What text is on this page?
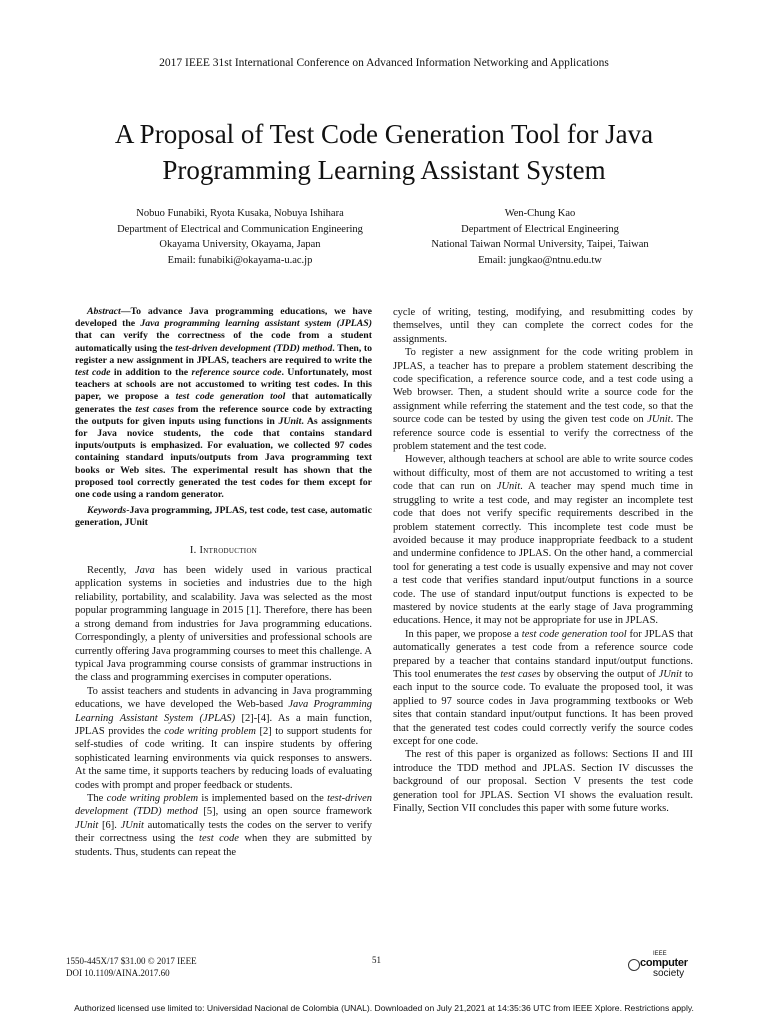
2017 IEEE 31st International Conference on Advanced Information Networking and Applications
A Proposal of Test Code Generation Tool for Java
Programming Learning Assistant System
Nobuo Funabiki, Ryota Kusaka, Nobuya Ishihara
Department of Electrical and Communication Engineering
Okayama University, Okayama, Japan
Email: funabiki@okayama-u.ac.jp
Wen-Chung Kao
Department of Electrical Engineering
National Taiwan Normal University, Taipei, Taiwan
Email: jungkao@ntnu.edu.tw

Abstract—To advance Java programming educations, we have developed the Java programming learning assistant system (JPLAS) that can verify the correctness of the code from a student automatically using the test-driven development (TDD) method. Then, to register a new assignment in JPLAS, teachers are required to write the test code in addition to the reference source code. Unfortunately, most teachers at schools are not accustomed to writing test codes. In this paper, we propose a test code generation tool that automatically generates the test cases from the reference source code by extracting the outputs for given inputs using functions in JUnit. As assignments for Java novice students, the code that contains standard inputs/outputs is emphasized. For evaluation, we collected 97 codes containing standard inputs/outputs from Java programming text books or Web sites. The experimental result has shown that the proposed tool correctly generated the test codes for them except for one code using a random generator.

Keywords-Java programming, JPLAS, test code, test case, automatic generation, JUnit

I. Introduction

Recently, Java has been widely used in various practical application systems in societies and industries due to the high reliability, portability, and scalability. Java was selected as the most popular programming language in 2015 [1]. Therefore, there has been a strong demand from industries for Java programming educations. Correspondingly, a plenty of universities and professional schools are currently offering Java programming courses to meet this challenge. A typical Java programming course consists of grammar instructions in the class and programming exercises in computer operations.

To assist teachers and students in advancing in Java programming educations, we have developed the Web-based Java Programming Learning Assistant System (JPLAS) [2]-[4]. As a main function, JPLAS provides the code writing problem [2] to support students for self-studies of code writing. It can inspire students by offering sophisticated learning environments via quick responses to answers. At the same time, it supports teachers by reducing loads of evaluating codes with prompt and proper feedback or students.

The code writing problem is implemented based on the test-driven development (TDD) method [5], using an open source framework JUnit [6]. JUnit automatically tests the codes on the server to verify their correctness using the test code when they are submitted by students. Thus, students can repeat the

cycle of writing, testing, modifying, and resubmitting codes by themselves, until they can complete the correct codes for the assignments.

To register a new assignment for the code writing problem in JPLAS, a teacher has to prepare a problem statement describing the code specification, a reference source code, and a test code using a Web browser. Then, a student should write a source code for the assignment while referring the statement and the test code, so that the source code can be tested by using the given test code on JUnit. The reference source code is essential to verify the correctness of the problem statement and the test code.

However, although teachers at school are able to write source codes without difficulty, most of them are not accustomed to writing a test code that can run on JUnit. A teacher may spend much time in struggling to write a test code, and may register an incomplete test code that does not verify specific requirements described in the problem statement correctly. This incomplete test code must be avoided because it may produce inappropriate feedback to a student and undermine confidence to JPLAS. On the other hand, a commercial tool for generating a test code is usually expensive and may not cover a test code that verifies standard input/output functions in a source code. The use of standard input/output functions is expected to be mastered by novice students at the early stage of Java programming educations. Hence, it may not be appropriate for use in JPLAS.

In this paper, we propose a test code generation tool for JPLAS that automatically generates a test code from a reference source code prepared by a teacher that contains standard input/output functions. This tool enumerates the test cases by observing the output of JUnit to each input to the source code. To evaluate the proposed tool, it was applied to 97 source codes in Java programming textbooks or Web sites that contain standard input/output functions. It has been proved that the generated test codes could correctly verify the source codes except for one code.

The rest of this paper is organized as follows: Sections II and III introduce the TDD method and JPLAS. Section IV discusses the background of our proposal. Section V presents the test code generation tool for JPLAS. Section VI shows the evaluation result. Finally, Section VII concludes this paper with some future works.

1550-445X/17 $31.00 © 2017 IEEE
DOI 10.1109/AINA.2017.60
51
IEEE
computer
society
Authorized licensed use limited to: Universidad Nacional de Colombia (UNAL). Downloaded on July 21,2021 at 14:35:36 UTC from IEEE Xplore. Restrictions apply.
